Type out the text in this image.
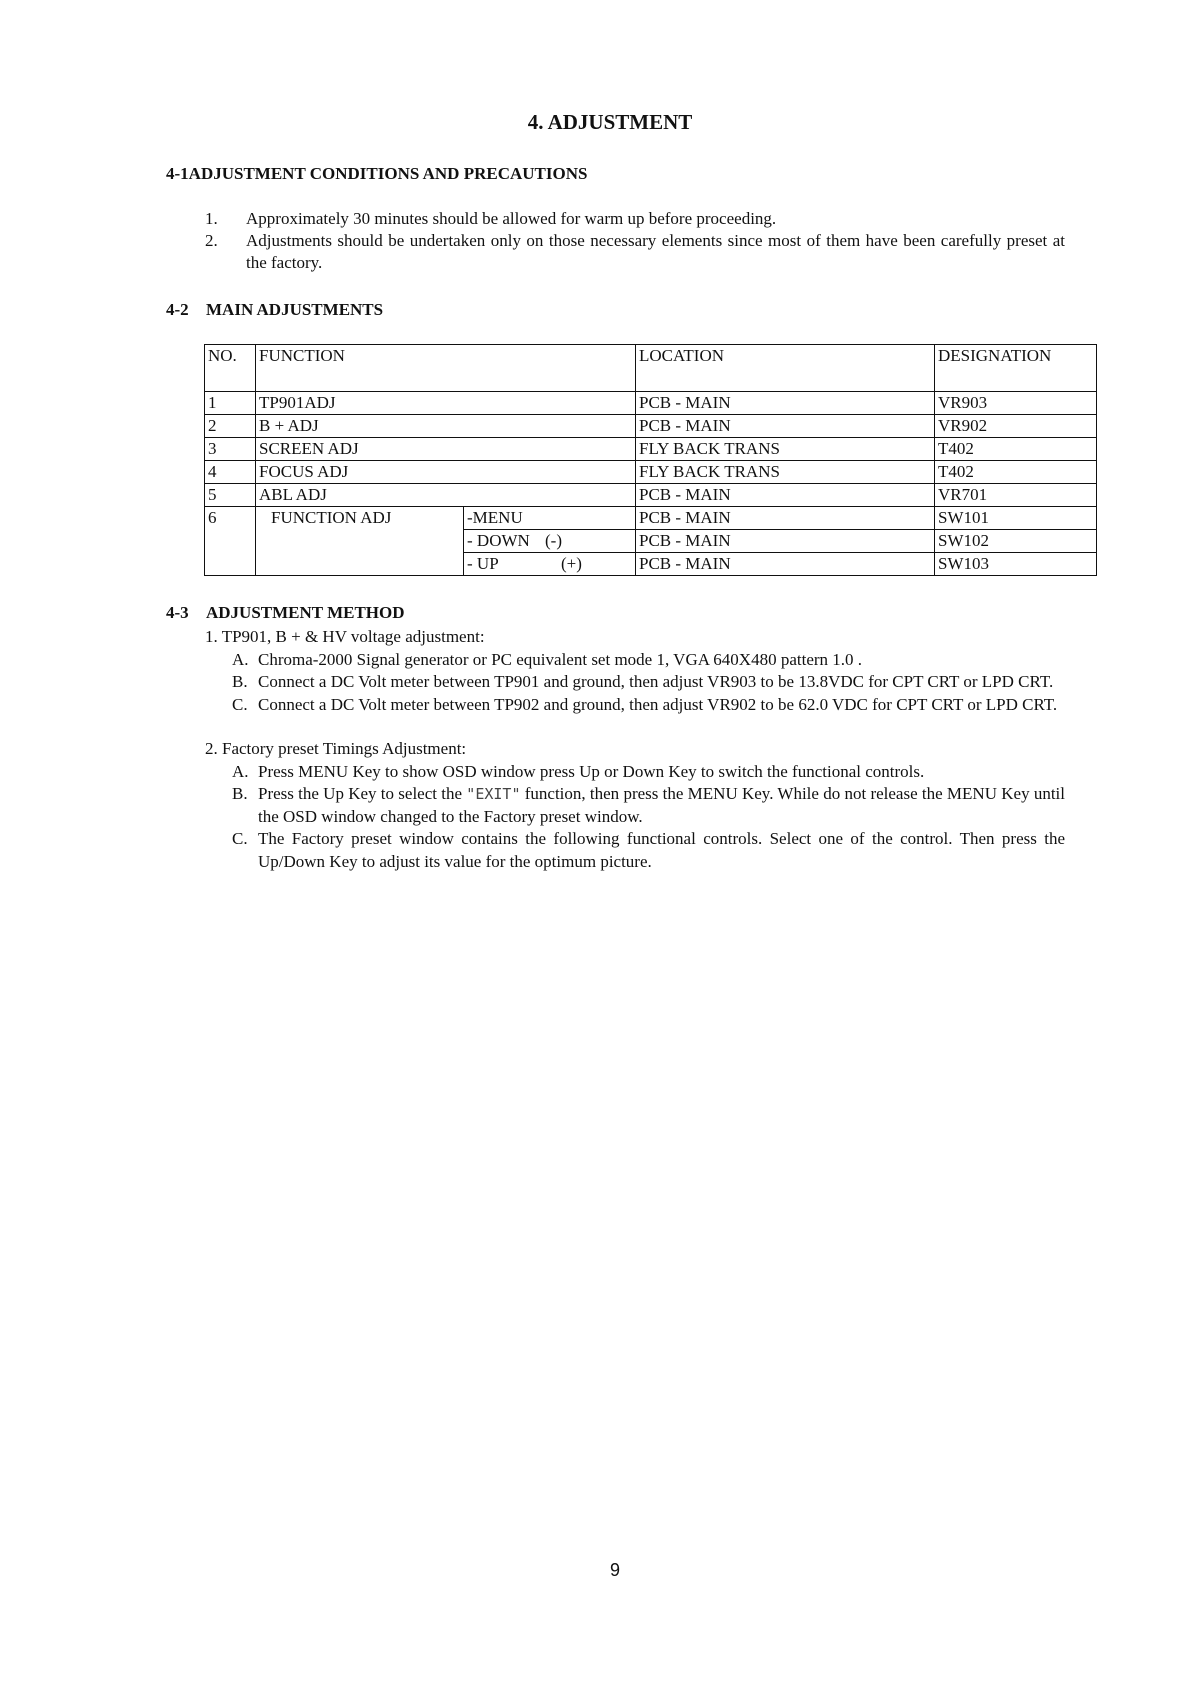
4. ADJUSTMENT
4-1ADJUSTMENT CONDITIONS AND PRECAUTIONS
1.	Approximately 30 minutes should be allowed for warm up before proceeding.
2.	Adjustments should be undertaken only on those necessary elements since most of them have been carefully preset at the factory.
4-2 MAIN ADJUSTMENTS
NO.	FUNCTION		LOCATION	DESIGNATION
1	TP901ADJ		PCB - MAIN	VR903
2	B + ADJ		PCB - MAIN	VR902
3	SCREEN ADJ		FLY BACK TRANS	T402
4	FOCUS ADJ		FLY BACK TRANS	T402
5	ABL ADJ		PCB - MAIN	VR701
6	FUNCTION ADJ	-MENU	PCB - MAIN	SW101
		- DOWN (-)	PCB - MAIN	SW102
		- UP (+)	PCB - MAIN	SW103
4-3 ADJUSTMENT METHOD
1. TP901, B + & HV voltage adjustment:
A. Chroma-2000 Signal generator or PC equivalent set mode 1, VGA 640X480 pattern 1.0 .
B. Connect a DC Volt meter between TP901 and ground, then adjust VR903 to be 13.8VDC for CPT CRT or LPD CRT.
C. Connect a DC Volt meter between TP902 and ground, then adjust VR902 to be 62.0 VDC for CPT CRT or LPD CRT.
2. Factory preset Timings Adjustment:
A. Press MENU Key to show OSD window press Up or Down Key to switch the functional controls.
B. Press the Up Key to select the "EXIT" function, then press the MENU Key. While do not release the MENU Key until the OSD window changed to the Factory preset window.
C. The Factory preset window contains the following functional controls. Select one of the control. Then press the Up/Down Key to adjust its value for the optimum picture.
9
